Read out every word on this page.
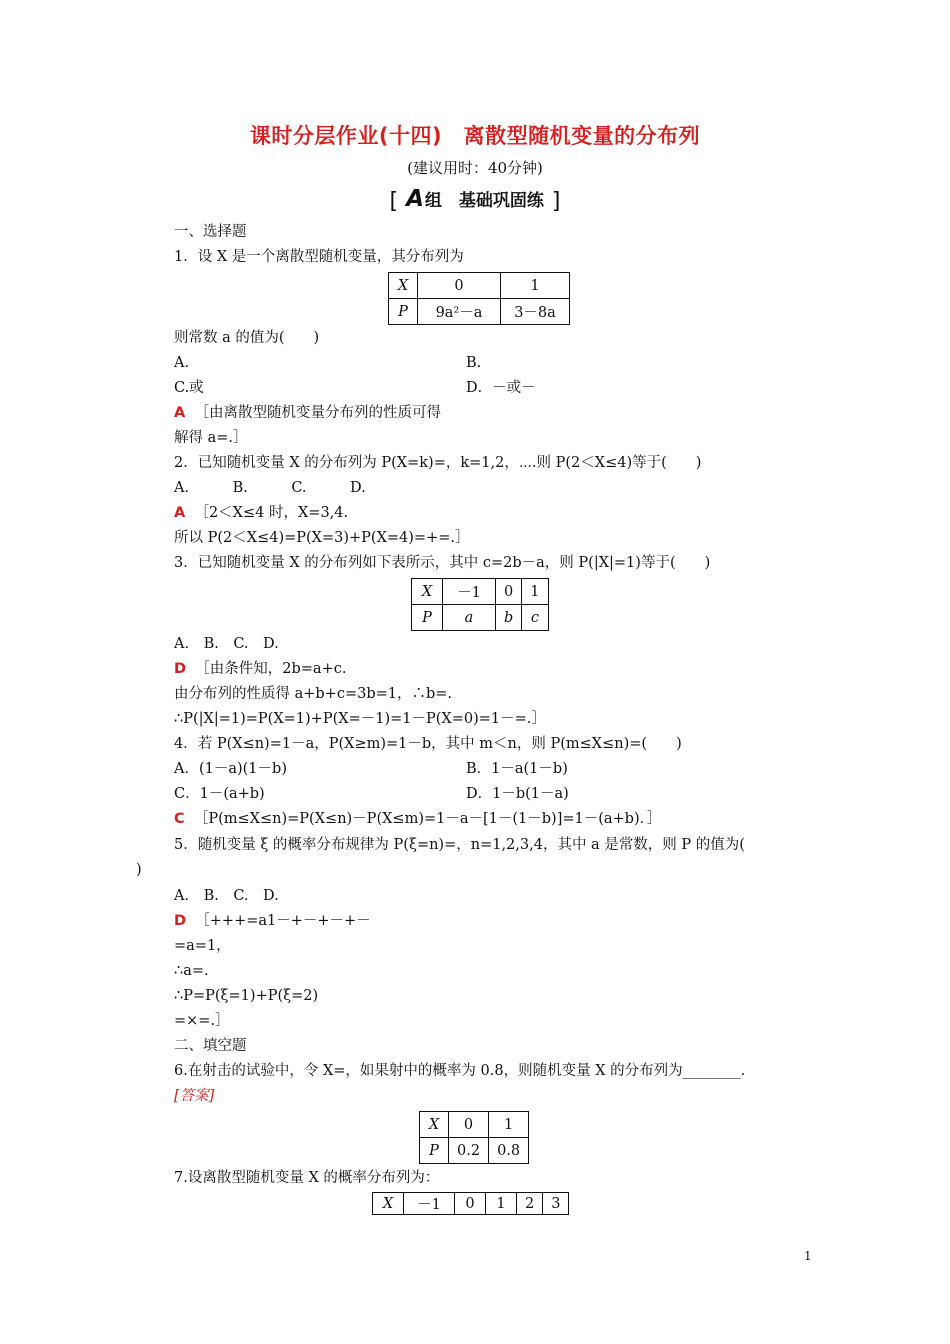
课时分层作业(十四)　离散型随机变量的分布列
(建议用时：40分钟)
[ A组　基础巩固练 ]
一、选择题
1．设 X 是一个离散型随机变量，其分布列为
X	0	1
P	9a²－a	3－8a
则常数 a 的值为(　　)
A.	B.
C.或	D．－或－
A ［由离散型随机变量分布列的性质可得
解得 a=.］
2．已知随机变量 X 的分布列为 P(X=k)=，k=1,2，⋯.则 P(2＜X≤4)等于(　　)
A.　　　B.　　　C.　　　D.
A ［2＜X≤4 时，X=3,4.
所以 P(2＜X≤4)=P(X=3)+P(X=4)=+=.］
3．已知随机变量 X 的分布列如下表所示，其中 c=2b－a，则 P(|X|=1)等于(　　)
X	－1	0	1
P	a	b	c
A.　B.　C.　D.
D ［由条件知，2b=a+c.
由分布列的性质得 a+b+c=3b=1，∴b=.
∴P(|X|=1)=P(X=1)+P(X=－1)=1－P(X=0)=1－=.］
4．若 P(X≤n)=1－a，P(X≥m)=1－b，其中 m＜n，则 P(m≤X≤n)=(　　)
A．(1－a)(1－b)	B．1－a(1－b)
C．1－(a+b)	D．1－b(1－a)
C ［P(m≤X≤n)=P(X≤n)－P(X≤m)=1－a－[1－(1－b)]=1－(a+b)．］
5．随机变量 ξ 的概率分布规律为 P(ξ=n)=，n=1,2,3,4，其中 a 是常数，则 P 的值为(
)
A.　B.　C.　D.
D ［+++=a1－+－+－+－
=a=1，
∴a=.
∴P=P(ξ=1)+P(ξ=2)
=×=.］
二、填空题
6.在射击的试验中，令 X=，如果射中的概率为 0.8，则随机变量 X 的分布列为________.
[答案]
X	0	1
P	0.2	0.8
7.设离散型随机变量 X 的概率分布列为：
X	－1	0	1	2	3
1
